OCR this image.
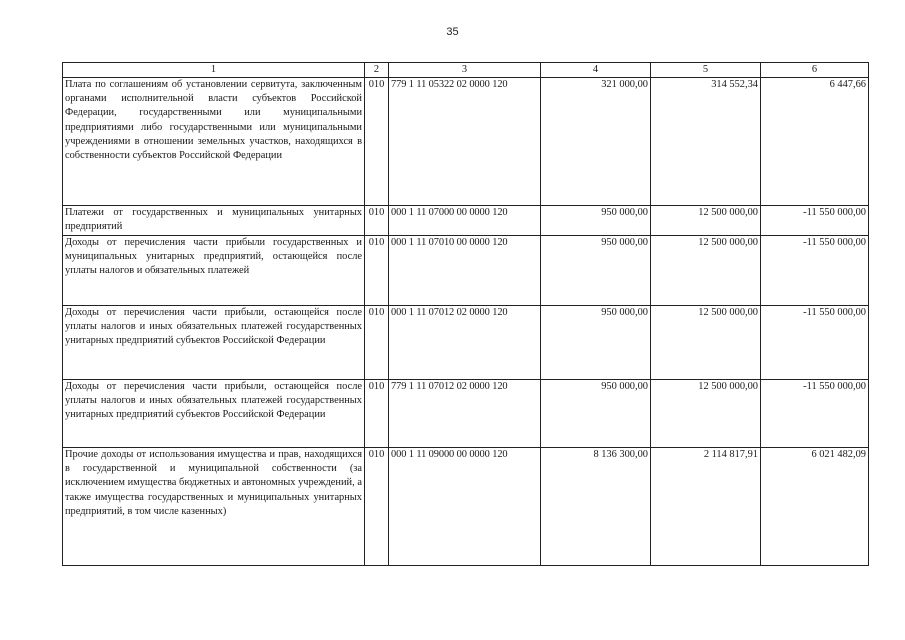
35
1	2	3	4	5	6
Плата по соглашениям об установлении сервитута, заключенным органами исполнительной власти субъектов Российской Федерации, государственными или муниципальными предприятиями либо государственными или муниципальными учреждениями в отношении земельных участков, находящихся в собственности субъектов Российской Федерации	010	779 1 11 05322 02 0000 120	321 000,00	314 552,34	6 447,66
Платежи от государственных и муниципальных унитарных предприятий	010	000 1 11 07000 00 0000 120	950 000,00	12 500 000,00	-11 550 000,00
Доходы от перечисления части прибыли государственных и муниципальных унитарных предприятий, остающейся после уплаты налогов и обязательных платежей	010	000 1 11 07010 00 0000 120	950 000,00	12 500 000,00	-11 550 000,00
Доходы от перечисления части прибыли, остающейся после уплаты налогов и иных обязательных платежей государственных унитарных предприятий субъектов Российской Федерации	010	000 1 11 07012 02 0000 120	950 000,00	12 500 000,00	-11 550 000,00
Доходы от перечисления части прибыли, остающейся после уплаты налогов и иных обязательных платежей государственных унитарных предприятий субъектов Российской Федерации	010	779 1 11 07012 02 0000 120	950 000,00	12 500 000,00	-11 550 000,00
Прочие доходы от использования имущества и прав, находящихся в государственной и муниципальной собственности (за исключением имущества бюджетных и автономных учреждений, а также имущества государственных и муниципальных унитарных предприятий, в том числе казенных)	010	000 1 11 09000 00 0000 120	8 136 300,00	2 114 817,91	6 021 482,09
